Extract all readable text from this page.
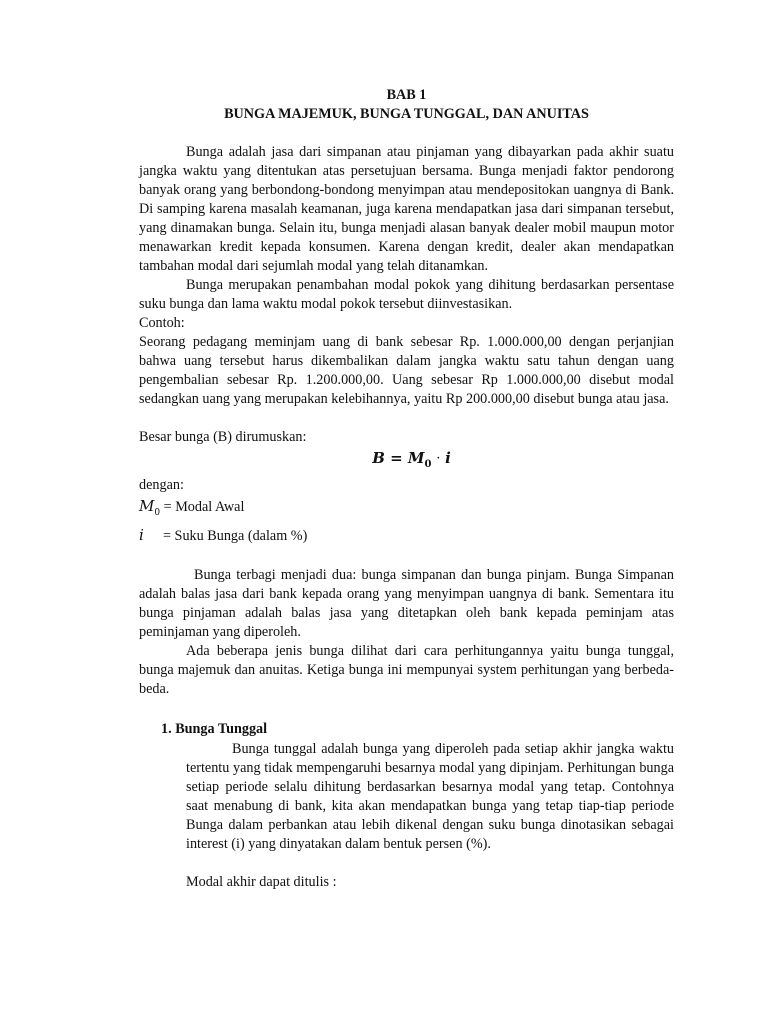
BAB 1
BUNGA MAJEMUK, BUNGA TUNGGAL, DAN ANUITAS

Bunga adalah jasa dari simpanan atau pinjaman yang dibayarkan pada akhir suatu jangka waktu yang ditentukan atas persetujuan bersama. Bunga menjadi faktor pendorong banyak orang yang berbondong-bondong menyimpan atau mendepositokan uangnya di Bank. Di samping karena masalah keamanan, juga karena mendapatkan jasa dari simpanan tersebut, yang dinamakan bunga. Selain itu, bunga menjadi alasan banyak dealer mobil maupun motor menawarkan kredit kepada konsumen. Karena dengan kredit, dealer akan mendapatkan tambahan modal dari sejumlah modal yang telah ditanamkan.

Bunga merupakan penambahan modal pokok yang dihitung berdasarkan persentase suku bunga dan lama waktu modal pokok tersebut diinvestasikan.

Contoh:

Seorang pedagang meminjam uang di bank sebesar Rp. 1.000.000,00 dengan perjanjian bahwa uang tersebut harus dikembalikan dalam jangka waktu satu tahun dengan uang pengembalian sebesar Rp. 1.200.000,00. Uang sebesar Rp 1.000.000,00 disebut modal sedangkan uang yang merupakan kelebihannya, yaitu Rp 200.000,00 disebut bunga atau jasa.

Besar bunga (B) dirumuskan:

$B = M_0 \cdot i$

dengan:

$M_0$ = Modal Awal
i = Suku Bunga (dalam %)

Bunga terbagi menjadi dua: bunga simpanan dan bunga pinjam. Bunga Simpanan adalah balas jasa dari bank kepada orang yang menyimpan uangnya di bank. Sementara itu bunga pinjaman adalah balas jasa yang ditetapkan oleh bank kepada peminjam atas peminjaman yang diperoleh.

Ada beberapa jenis bunga dilihat dari cara perhitungannya yaitu bunga tunggal, bunga majemuk dan anuitas. Ketiga bunga ini mempunyai system perhitungan yang berbeda-beda.

1. Bunga Tunggal

Bunga tunggal adalah bunga yang diperoleh pada setiap akhir jangka waktu tertentu yang tidak mempengaruhi besarnya modal yang dipinjam. Perhitungan bunga setiap periode selalu dihitung berdasarkan besarnya modal yang tetap. Contohnya saat menabung di bank, kita akan mendapatkan bunga yang tetap tiap-tiap periode Bunga dalam perbankan atau lebih dikenal dengan suku bunga dinotasikan sebagai interest (i) yang dinyatakan dalam bentuk persen (%).

Modal akhir dapat ditulis :
